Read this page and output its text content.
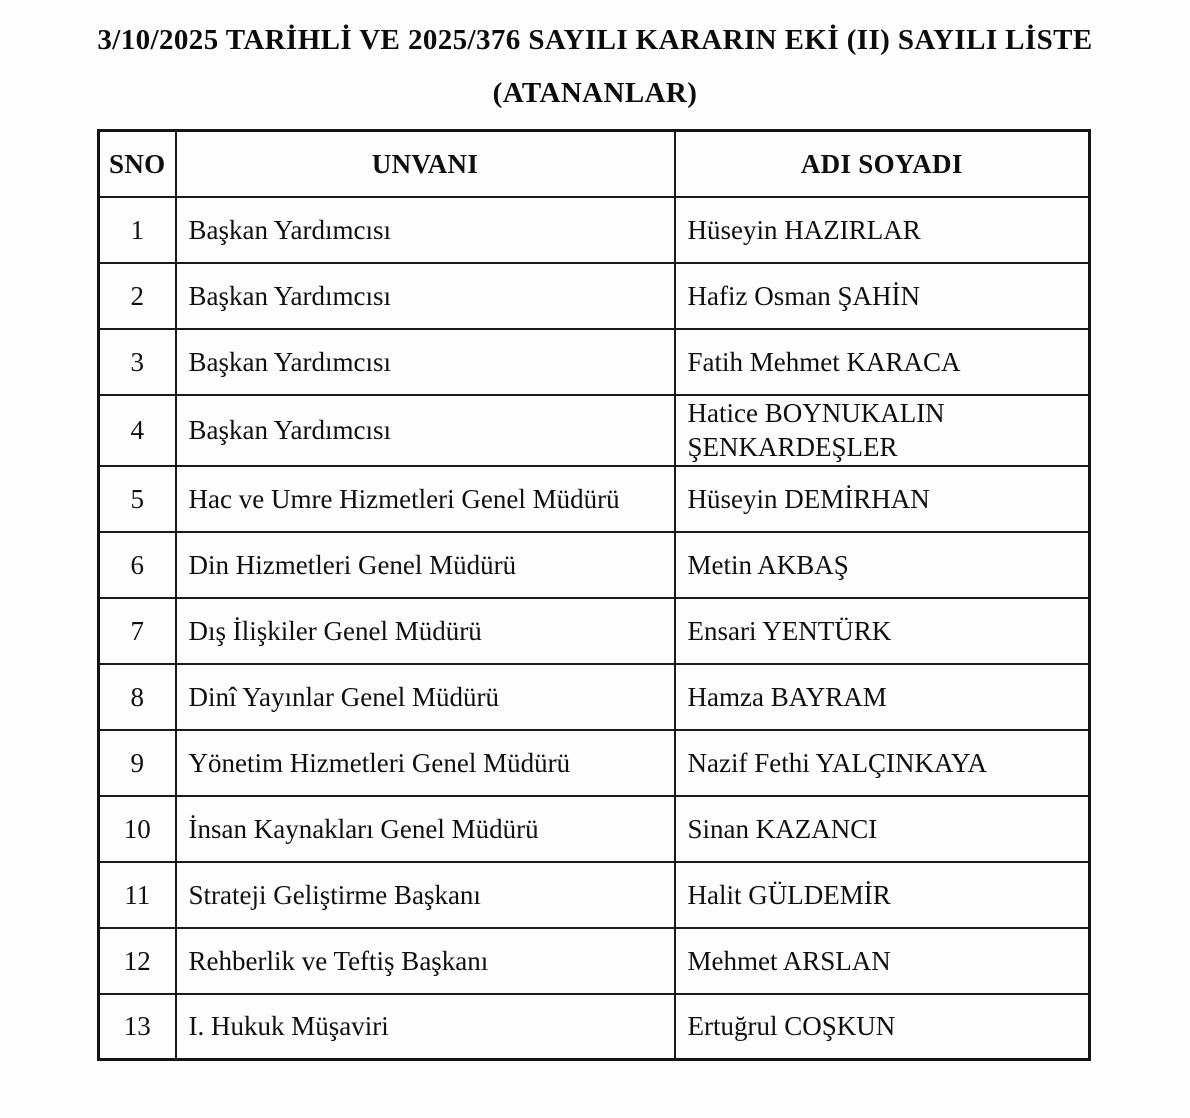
3/10/2025 TARİHLİ VE 2025/376 SAYILI KARARIN EKİ (II) SAYILI LİSTE
(ATANANLAR)
SNO	UNVANI	ADI SOYADI
1	Başkan Yardımcısı	Hüseyin HAZIRLAR
2	Başkan Yardımcısı	Hafiz Osman ŞAHİN
3	Başkan Yardımcısı	Fatih Mehmet KARACA
4	Başkan Yardımcısı	Hatice BOYNUKALIN ŞENKARDEŞLER
5	Hac ve Umre Hizmetleri Genel Müdürü	Hüseyin DEMİRHAN
6	Din Hizmetleri Genel Müdürü	Metin AKBAŞ
7	Dış İlişkiler Genel Müdürü	Ensari YENTÜRK
8	Dinî Yayınlar Genel Müdürü	Hamza BAYRAM
9	Yönetim Hizmetleri Genel Müdürü	Nazif Fethi YALÇINKAYA
10	İnsan Kaynakları Genel Müdürü	Sinan KAZANCI
11	Strateji Geliştirme Başkanı	Halit GÜLDEMİR
12	Rehberlik ve Teftiş Başkanı	Mehmet ARSLAN
13	I. Hukuk Müşaviri	Ertuğrul COŞKUN
